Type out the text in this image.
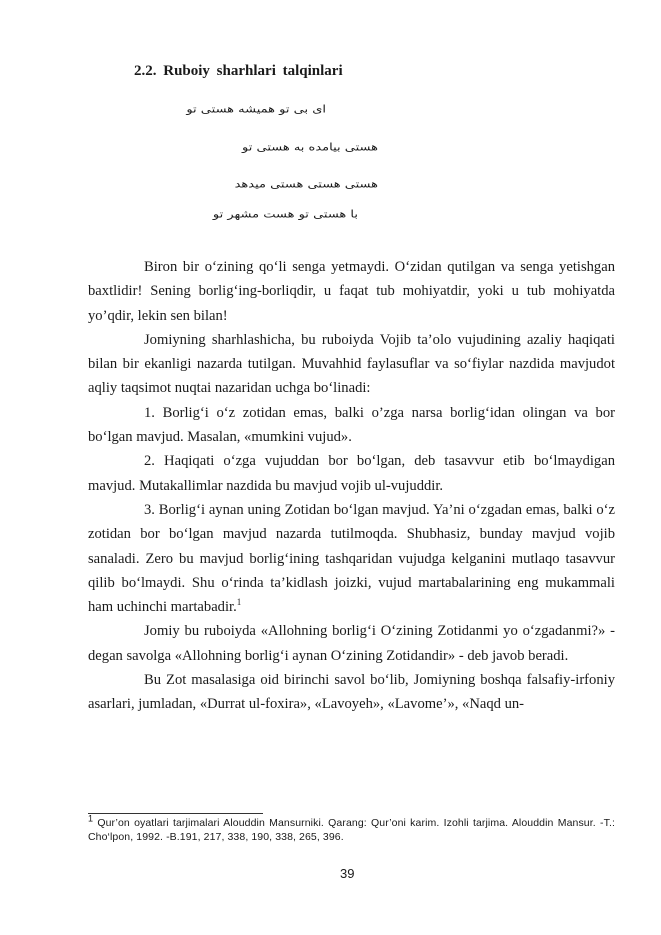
2.2. Ruboiy sharhlari talqinlari
ای بی تو همیشه هستی تو
هستی بیامده به هستی تو
هستی هستی هستی میدهد
با هستی تو هست مشهر تو

Biron bir o‘zining qo‘li senga yetmaydi. O‘zidan qutilgan va senga yetishgan baxtlidir! Sening borlig‘ing-borliqdir, u faqat tub mohiyatdir, yoki u tub mohiyatda yo’qdir, lekin sen bilan!

Jomiyning sharhlashicha, bu ruboiyda Vojib ta’olo vujudining azaliy haqiqati bilan bir ekanligi nazarda tutilgan. Muvahhid faylasuflar va so‘fiylar nazdida mavjudot aqliy taqsimot nuqtai nazaridan uchga bo‘linadi:

1. Borlig‘i o‘z zotidan emas, balki o’zga narsa borlig‘idan olingan va bor bo‘lgan mavjud. Masalan, «mumkini vujud».

2. Haqiqati o‘zga vujuddan bor bo‘lgan, deb tasavvur etib bo‘lmaydigan mavjud. Mutakallimlar nazdida bu mavjud vojib ul-vujuddir.

3. Borlig‘i aynan uning Zotidan bo‘lgan mavjud. Ya’ni o‘zgadan emas, balki o‘z zotidan bor bo‘lgan mavjud nazarda tutilmoqda. Shubhasiz, bunday mavjud vojib sanaladi. Zero bu mavjud borlig‘ining tashqaridan vujudga kelganini mutlaqo tasavvur qilib bo‘lmaydi. Shu o‘rinda ta’kidlash joizki, vujud martabalarining eng mukammali ham uchinchi martabadir.$^1$

Jomiy bu ruboiyda «Allohning borlig‘i O‘zining Zotidanmi yo o‘zgadanmi?» - degan savolga «Allohning borlig‘i aynan O‘zining Zotidandir» - deb javob beradi.

Bu Zot masalasiga oid birinchi savol bo‘lib, Jomiyning boshqa falsafiy-irfoniy asarlari, jumladan, «Durrat ul-foxira», «Lavoyeh», «Lavome’», «Naqd un-

$^1$ Qur’on oyatlari tarjimalari Alouddin Mansurniki. Qarang: Qur’oni karim. Izohli tarjima. Alouddin Mansur. -T.: Cho‘lpon, 1992. -B.191, 217, 338, 190, 338, 265, 396.
39
